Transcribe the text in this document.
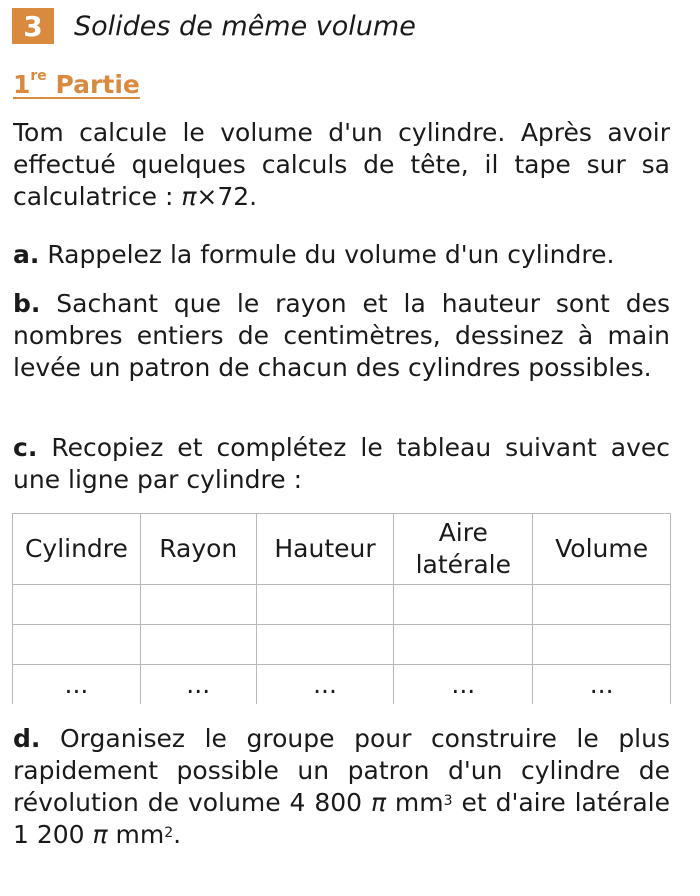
3	Solides de même volume
1re Partie
Tom calcule le volume d'un cylindre. Après avoir effectué quelques calculs de tête, il tape sur sa calculatrice : π×72.
a. Rappelez la formule du volume d'un cylindre.
b. Sachant que le rayon et la hauteur sont des nombres entiers de centimètres, dessinez à main levée un patron de chacun des cylindres possibles.
c. Recopiez et complétez le tableau suivant avec une ligne par cylindre :
Cylindre	Rayon	Hauteur	Aire latérale	Volume

...	...	...	...	...
d. Organisez le groupe pour construire le plus rapidement possible un patron d'un cylindre de révolution de volume 4 800 π $mm^3$ et d'aire latérale 1 200 π $mm^2$.
